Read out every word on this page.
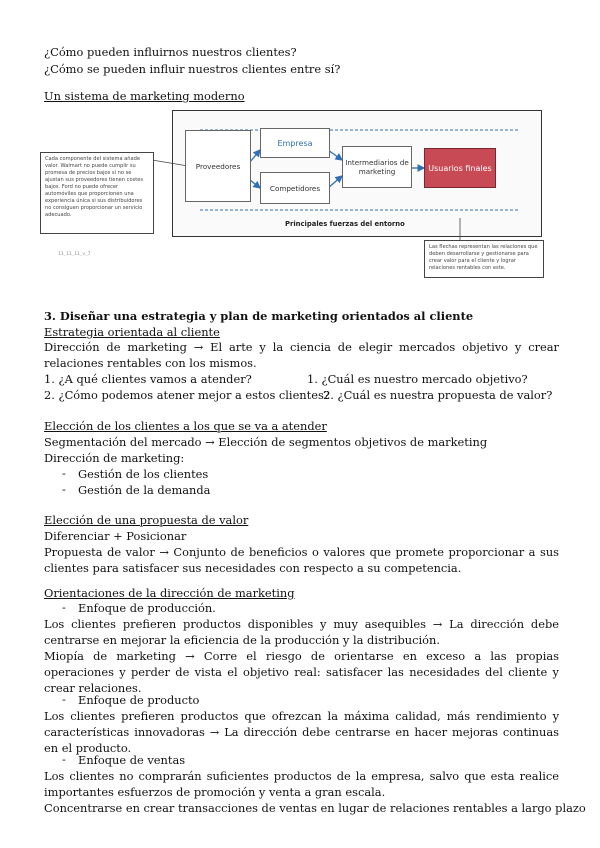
¿Cómo pueden influirnos nuestros clientes?
¿Cómo se pueden influir nuestros clientes entre sí?
Un sistema de marketing moderno
Proveedores
Empresa
Competidores
Intermediarios de marketing	Usuarios finales
Principales fuerzas del entorno
Cada componente del sistema añade valor. Walmart no puede cumplir su promesa de precios bajos si no se ajustan sus proveedores tienen costes bajos. Ford no puede ofrecer automóviles que proporcionen una experiencia única si sus distribuidores no consiguen proporcionar un servicio adecuado.
Las flechas representan las relaciones que deben desarrollarse y gestionarse para crear valor para el cliente y lograr relaciones rentables con este.
11_11_11_v_7
3. Diseñar una estrategia y plan de marketing orientados al cliente
Estrategia orientada al cliente
Dirección de marketing → El arte y la ciencia de elegir mercados objetivo y crear relaciones rentables con los mismos.
1. ¿A qué clientes vamos a atender?	1. ¿Cuál es nuestro mercado objetivo?
2. ¿Cómo podemos atener mejor a estos clientes?
2. ¿Cuál es nuestra propuesta de valor?
Elección de los clientes a los que se va a atender
Segmentación del mercado → Elección de segmentos objetivos de marketing
Dirección de marketing:
- Gestión de los clientes
- Gestión de la demanda
Elección de una propuesta de valor
Diferenciar + Posicionar
Propuesta de valor → Conjunto de beneficios o valores que promete proporcionar a sus clientes para satisfacer sus necesidades con respecto a su competencia.
Orientaciones de la dirección de marketing
- Enfoque de producción.
Los clientes prefieren productos disponibles y muy asequibles → La dirección debe centrarse en mejorar la eficiencia de la producción y la distribución.
Miopía de marketing → Corre el riesgo de orientarse en exceso a las propias operaciones y perder de vista el objetivo real: satisfacer las necesidades del cliente y crear relaciones.
- Enfoque de producto
Los clientes prefieren productos que ofrezcan la máxima calidad, más rendimiento y características innovadoras → La dirección debe centrarse en hacer mejoras continuas en el producto.
- Enfoque de ventas
Los clientes no comprarán suficientes productos de la empresa, salvo que esta realice importantes esfuerzos de promoción y venta a gran escala.
Concentrarse en crear transacciones de ventas en lugar de relaciones rentables a largo plazo
